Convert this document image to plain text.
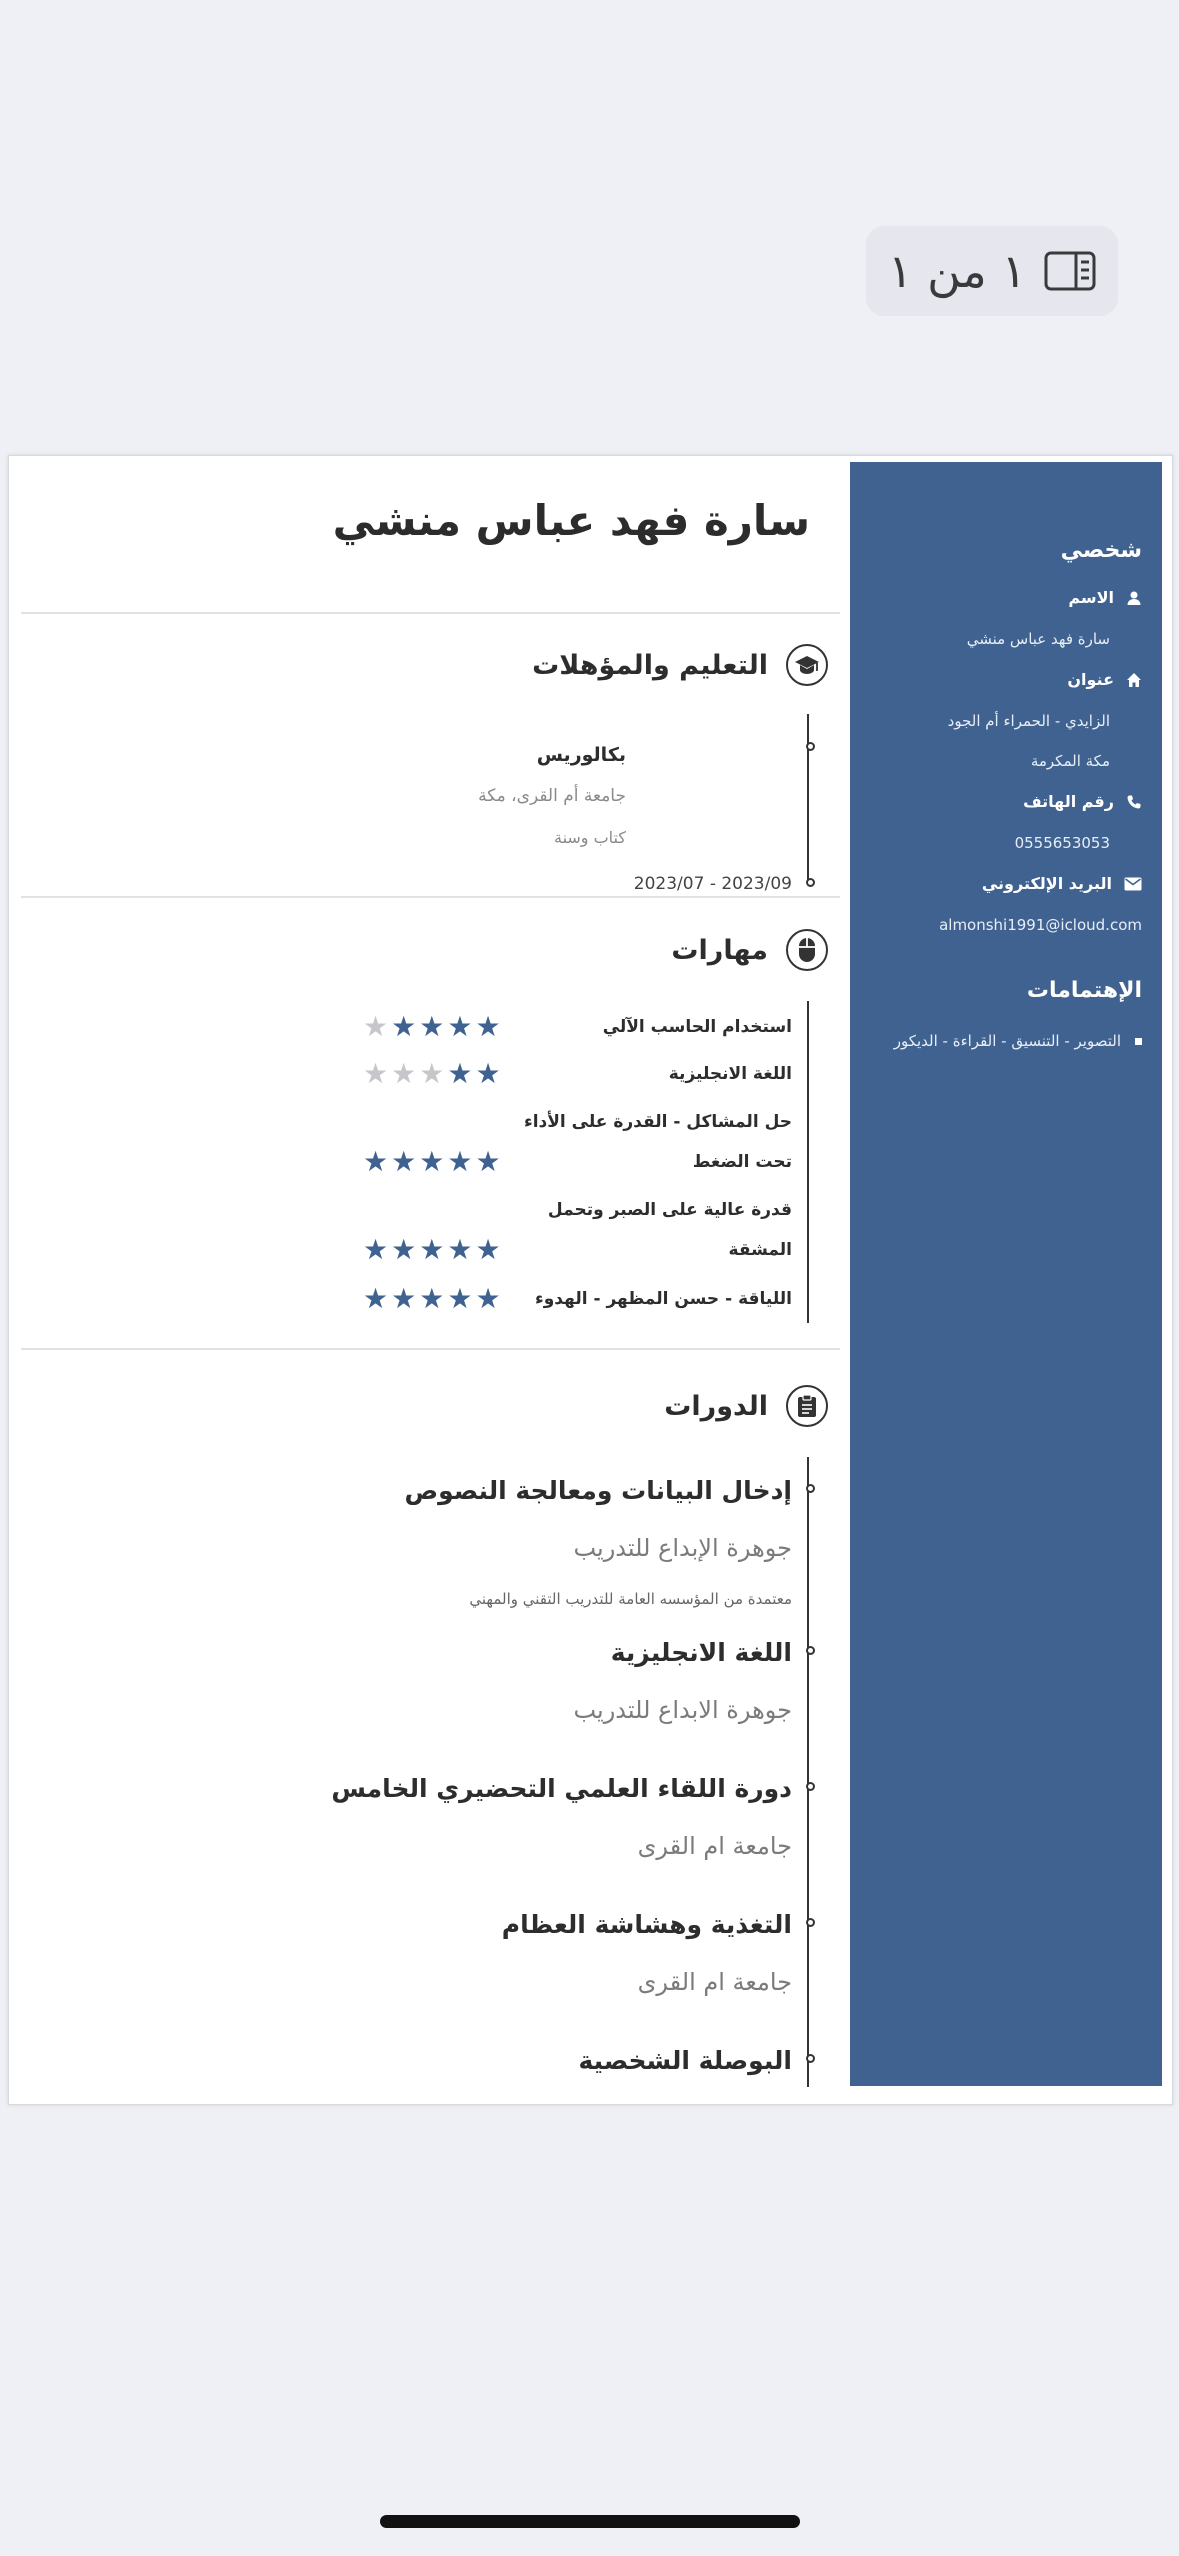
١ من ١
شخصي
الاسم
سارة فهد عباس منشي
عنوان
الزايدي - الحمراء أم الجود
مكة المكرمة
رقم الهاتف
0555653053
البريد الإلكتروني
almonshi1991@icloud.com
الإهتمامات
التصوير - التنسيق - القراءة - الديكور
سارة فهد عباس منشي
التعليم والمؤهلات
بكالوريس
جامعة أم القرى، مكة
كتاب وسنة
2023/07 - 2023/09
مهارات
استخدام الحاسب الآلي
★ ★ ★ ★ ★
اللغة الانجليزية
★ ★ ★ ★ ★
حل المشاكل - القدرة على الأداء
تحت الضغط
★ ★ ★ ★ ★
قدرة عالية على الصبر وتحمل
المشقة
★ ★ ★ ★ ★
اللياقة - حسن المظهر - الهدوء
★ ★ ★ ★ ★
الدورات
إدخال البيانات ومعالجة النصوص
جوهرة الإبداع للتدريب
معتمدة من المؤسسه العامة للتدريب التقني والمهني
اللغة الانجليزية
جوهرة الابداع للتدريب
دورة اللقاء العلمي التحضيري الخامس
جامعة ام القرى
التغذية وهشاشة العظام
جامعة ام القرى
البوصلة الشخصية
